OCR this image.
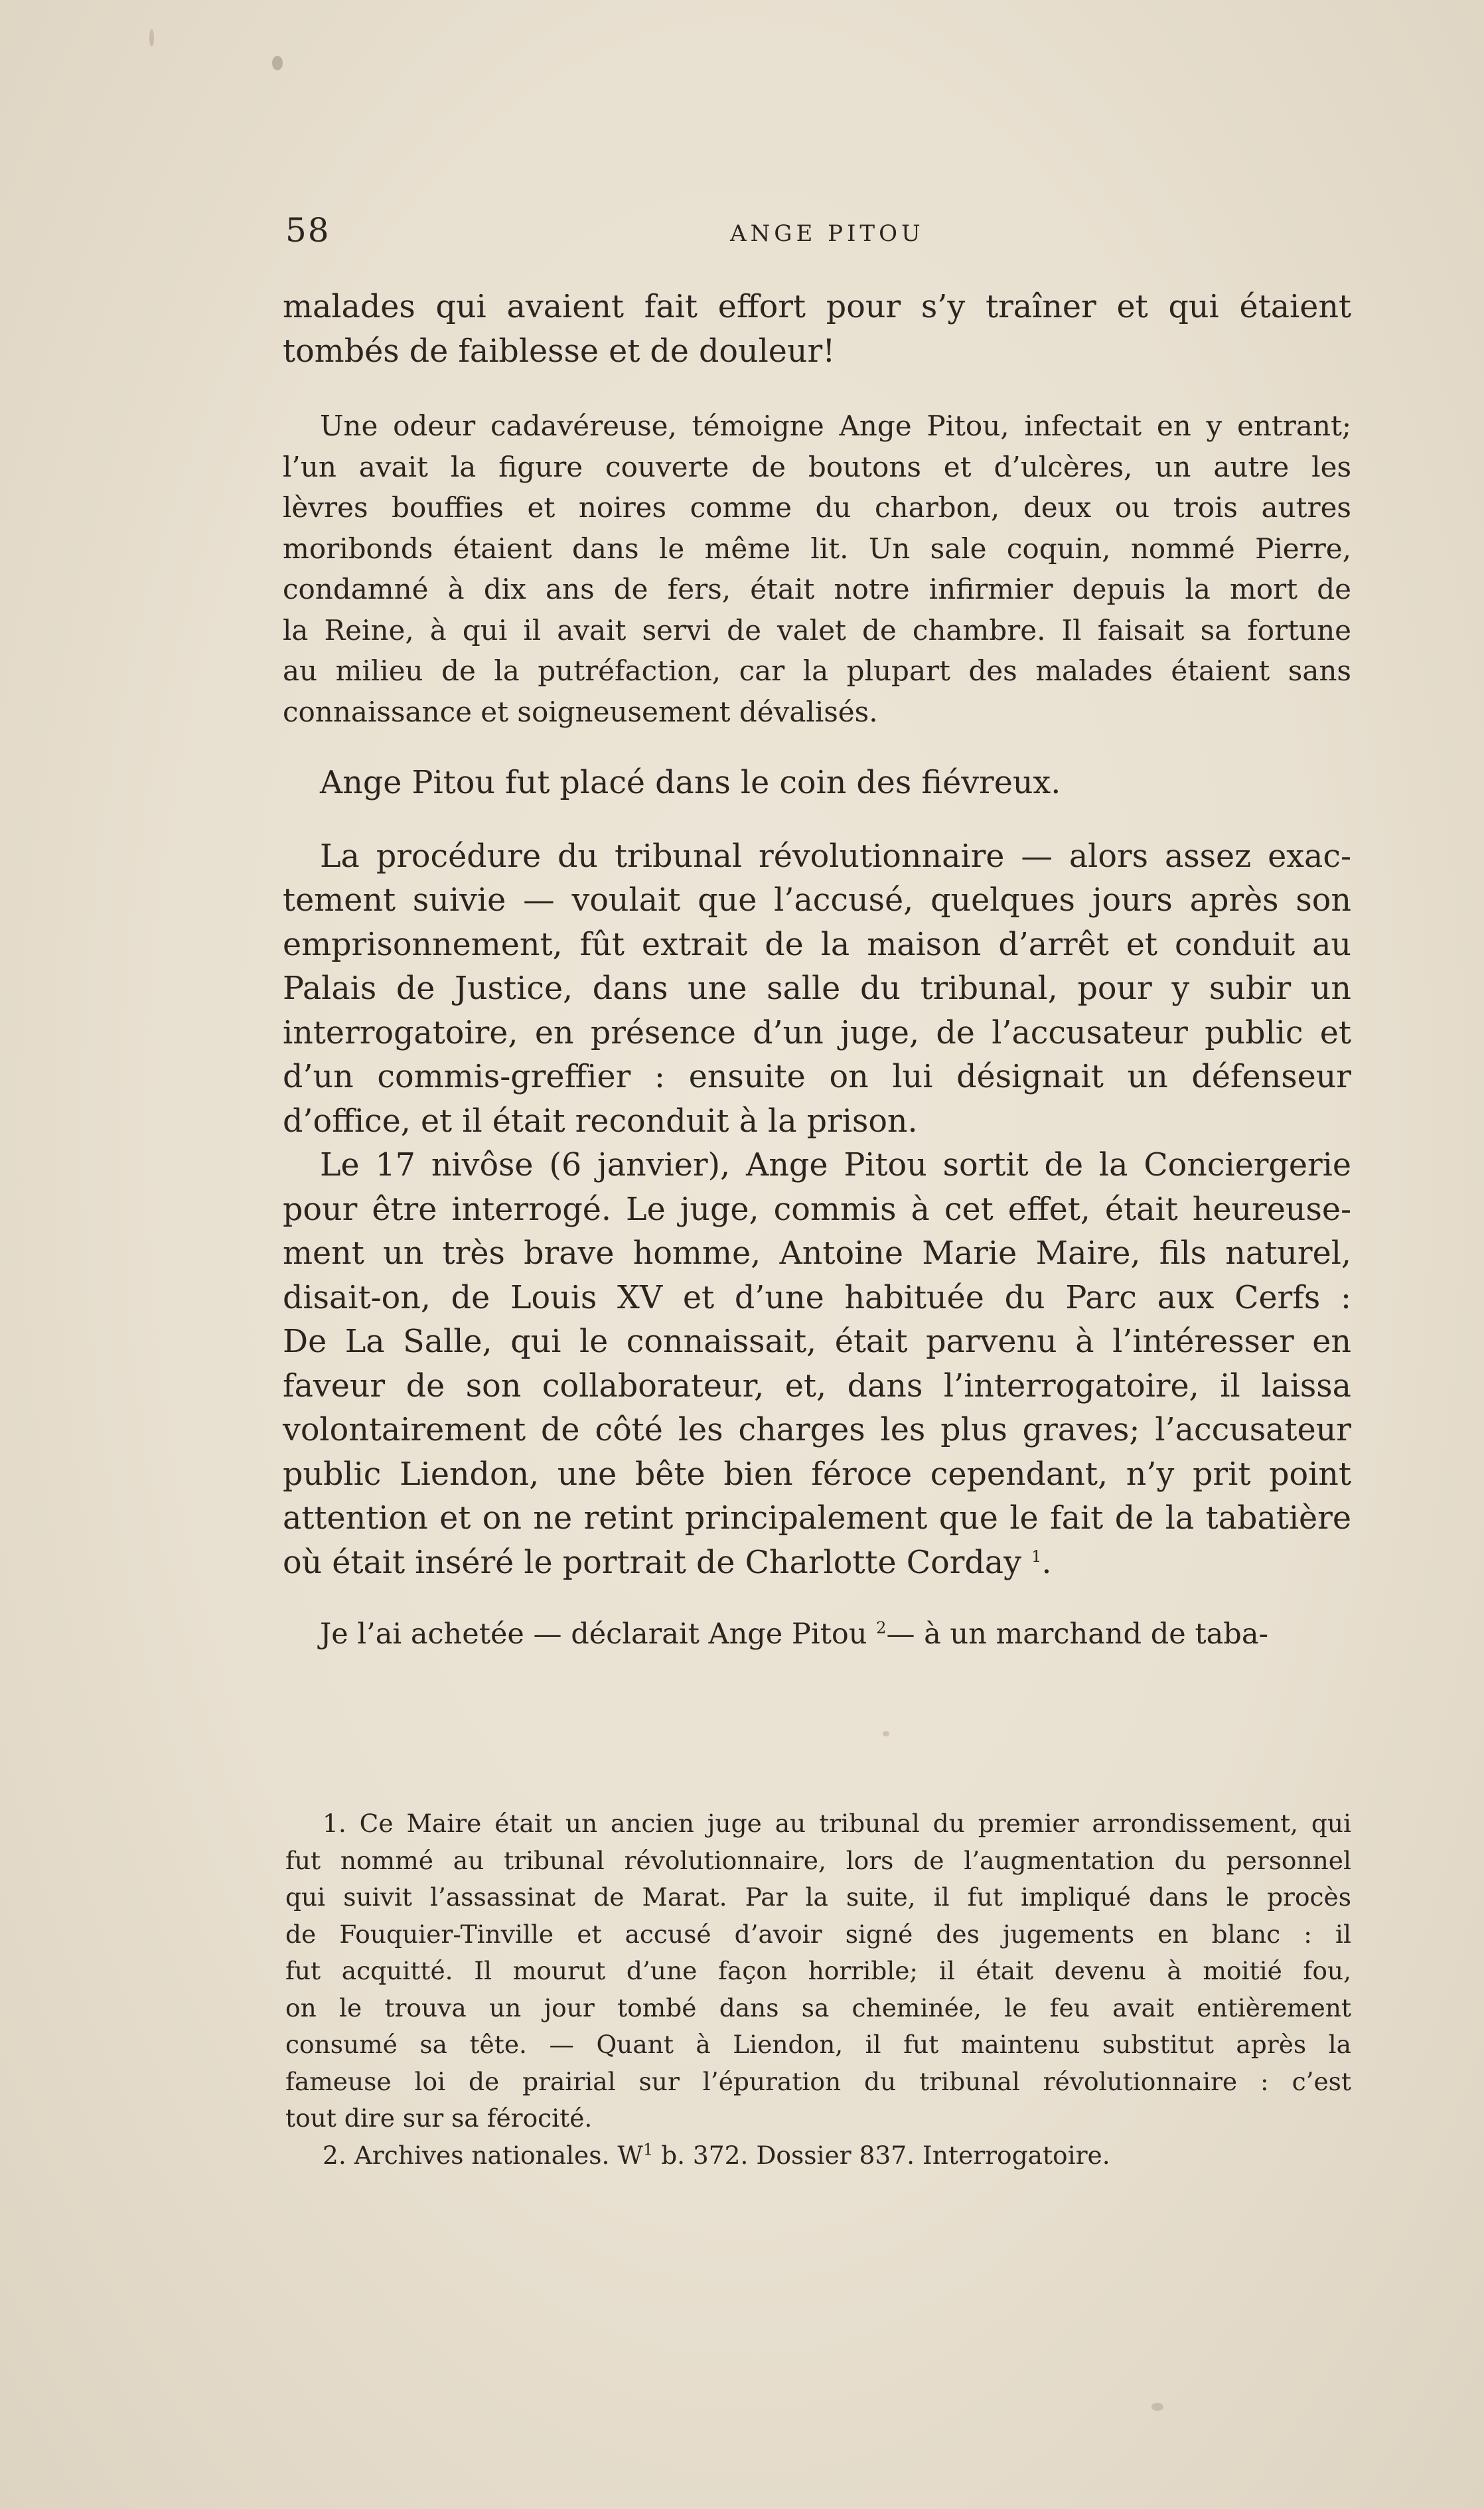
58	ANGE PITOU

malades qui avaient fait effort pour s’y traîner et qui étaient

tombés de faiblesse et de douleur!

Une odeur cadavéreuse, témoigne Ange Pitou, infectait en y entrant;

l’un avait la figure couverte de boutons et d’ulcères, un autre les

lèvres bouffies et noires comme du charbon, deux ou trois autres

moribonds étaient dans le même lit. Un sale coquin, nommé Pierre,

condamné à dix ans de fers, était notre infirmier depuis la mort de

la Reine, à qui il avait servi de valet de chambre. Il faisait sa fortune

au milieu de la putréfaction, car la plupart des malades étaient sans

connaissance et soigneusement dévalisés.

Ange Pitou fut placé dans le coin des fiévreux.

La procédure du tribunal révolutionnaire — alors assez exac-

tement suivie — voulait que l’accusé, quelques jours après son

emprisonnement, fût extrait de la maison d’arrêt et conduit au

Palais de Justice, dans une salle du tribunal, pour y subir un

interrogatoire, en présence d’un juge, de l’accusateur public et

d’un commis-greffier : ensuite on lui désignait un défenseur

d’office, et il était reconduit à la prison.

Le 17 nivôse (6 janvier), Ange Pitou sortit de la Conciergerie

pour être interrogé. Le juge, commis à cet effet, était heureuse-

ment un très brave homme, Antoine Marie Maire, fils naturel,

disait-on, de Louis XV et d’une habituée du Parc aux Cerfs :

De La Salle, qui le connaissait, était parvenu à l’intéresser en

faveur de son collaborateur, et, dans l’interrogatoire, il laissa

volontairement de côté les charges les plus graves; l’accusateur

public Liendon, une bête bien féroce cependant, n’y prit point

attention et on ne retint principalement que le fait de la tabatière

où était inséré le portrait de Charlotte Corday $^1$.

Je l’ai achetée — déclarait Ange Pitou $^2$— à un marchand de taba-

1. Ce Maire était un ancien juge au tribunal du premier arrondissement, qui

fut nommé au tribunal révolutionnaire, lors de l’augmentation du personnel

qui suivit l’assassinat de Marat. Par la suite, il fut impliqué dans le procès

de Fouquier-Tinville et accusé d’avoir signé des jugements en blanc : il

fut acquitté. Il mourut d’une façon horrible; il était devenu à moitié fou,

on le trouva un jour tombé dans sa cheminée, le feu avait entièrement

consumé sa tête. — Quant à Liendon, il fut maintenu substitut après la

fameuse loi de prairial sur l’épuration du tribunal révolutionnaire : c’est

tout dire sur sa férocité.

2. Archives nationales. $W^1$ b. 372. Dossier 837. Interrogatoire.
